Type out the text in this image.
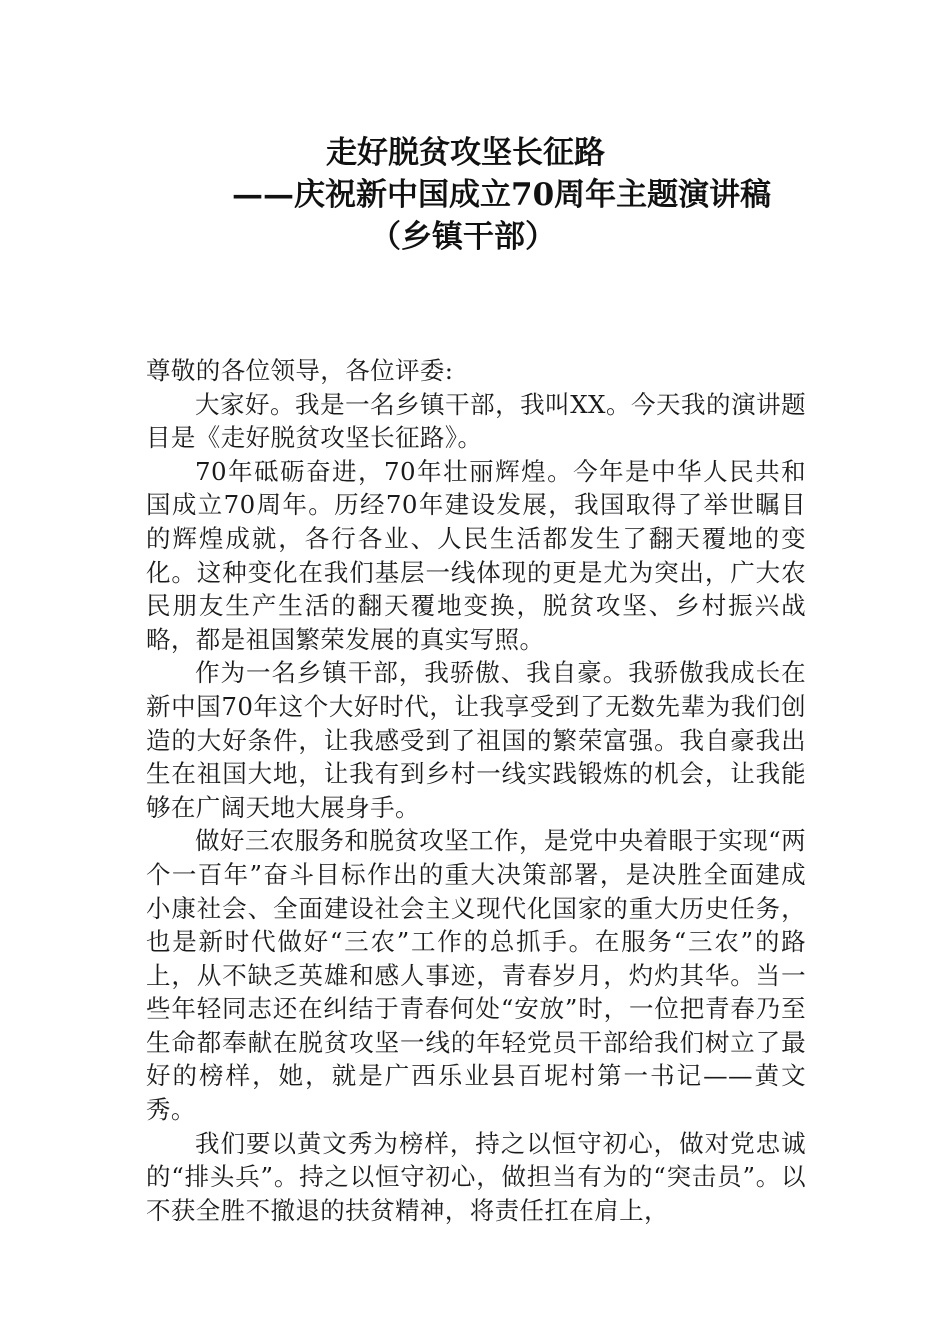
走好脱贫攻坚长征路
——庆祝新中国成立70周年主题演讲稿
（乡镇干部）

尊敬的各位领导，各位评委:

大家好。我是一名乡镇干部，我叫XX。今天我的演讲题目是《走好脱贫攻坚长征路》。

70年砥砺奋进，70年壮丽辉煌。今年是中华人民共和国成立70周年。历经70年建设发展，我国取得了举世瞩目的辉煌成就，各行各业、人民生活都发生了翻天覆地的变化。这种变化在我们基层一线体现的更是尤为突出，广大农民朋友生产生活的翻天覆地变换，脱贫攻坚、乡村振兴战略，都是祖国繁荣发展的真实写照。

作为一名乡镇干部，我骄傲、我自豪。我骄傲我成长在新中国70年这个大好时代，让我享受到了无数先辈为我们创造的大好条件，让我感受到了祖国的繁荣富强。我自豪我出生在祖国大地，让我有到乡村一线实践锻炼的机会，让我能够在广阔天地大展身手。

做好三农服务和脱贫攻坚工作，是党中央着眼于实现“两个一百年”奋斗目标作出的重大决策部署，是决胜全面建成小康社会、全面建设社会主义现代化国家的重大历史任务，也是新时代做好“三农”工作的总抓手。在服务“三农”的路上，从不缺乏英雄和感人事迹，青春岁月，灼灼其华。当一些年轻同志还在纠结于青春何处“安放”时，一位把青春乃至生命都奉献在脱贫攻坚一线的年轻党员干部给我们树立了最好的榜样，她，就是广西乐业县百坭村第一书记——黄文秀。

我们要以黄文秀为榜样，持之以恒守初心，做对党忠诚的“排头兵”。持之以恒守初心，做担当有为的“突击员”。以不获全胜不撤退的扶贫精神，将责任扛在肩上，
